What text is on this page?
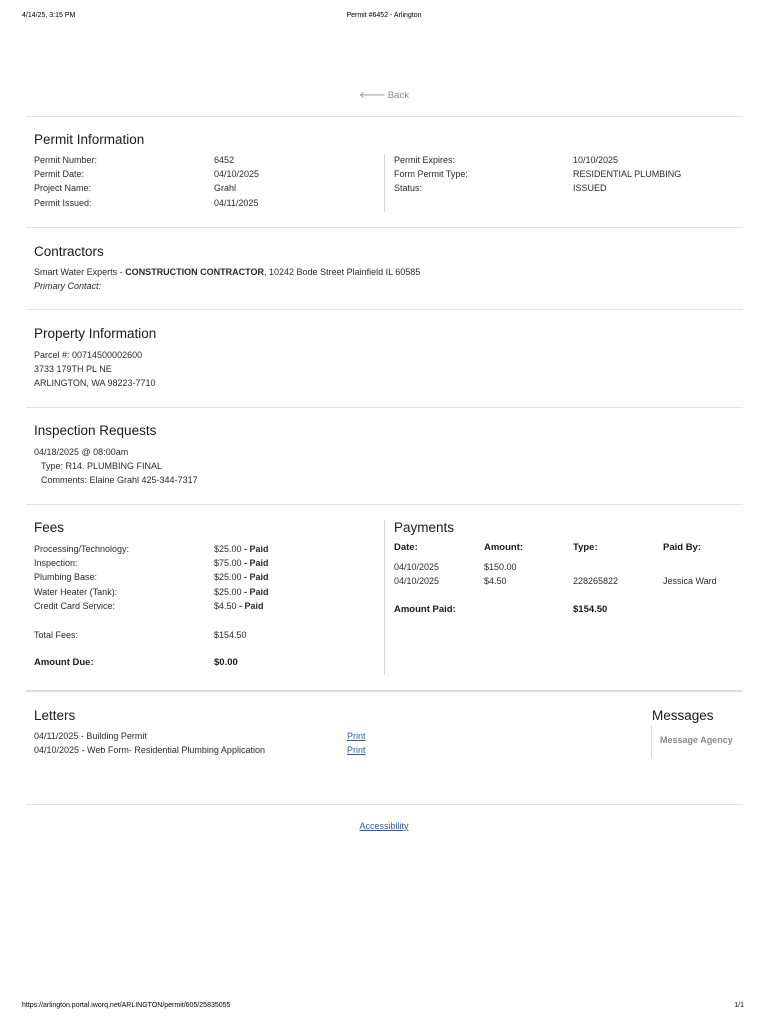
4/14/25, 3:15 PM	Permit #6452 - Arlington
🡐 Back
Permit Information
Permit Number:	6452
Permit Date:	04/10/2025
Project Name:	Grahl
Permit Issued:	04/11/2025
Permit Expires:	10/10/2025
Form Permit Type:	RESIDENTIAL PLUMBING
Status:	ISSUED
Contractors
Smart Water Experts - CONSTRUCTION CONTRACTOR, 10242 Bode Street Plainfield IL 60585
Primary Contact:
Property Information
Parcel #: 00714500002600
3733 179TH PL NE
ARLINGTON, WA 98223-7710
Inspection Requests
04/18/2025 @ 08:00am
Type: R14. PLUMBING FINAL
Comments: Elaine Grahl 425-344-7317
Fees
Processing/Technology:	$25.00 - Paid
Inspection:	$75.00 - Paid
Plumbing Base:	$25.00 - Paid
Water Heater (Tank):	$25.00 - Paid
Credit Card Service:	$4.50 - Paid
Total Fees:	$154.50
Amount Due:	$0.00
Payments
Date:	Amount:	Type:	Paid By:
04/10/2025	$150.00
04/10/2025	$4.50	228265822	Jessica Ward
Amount Paid:	$154.50
Letters
04/11/2025 - Building Permit	Print
04/10/2025 - Web Form- Residential Plumbing Application	Print
Messages
Message Agency
Accessibility
https://arlington.portal.iworq.net/ARLINGTON/permit/605/25835055	1/1
